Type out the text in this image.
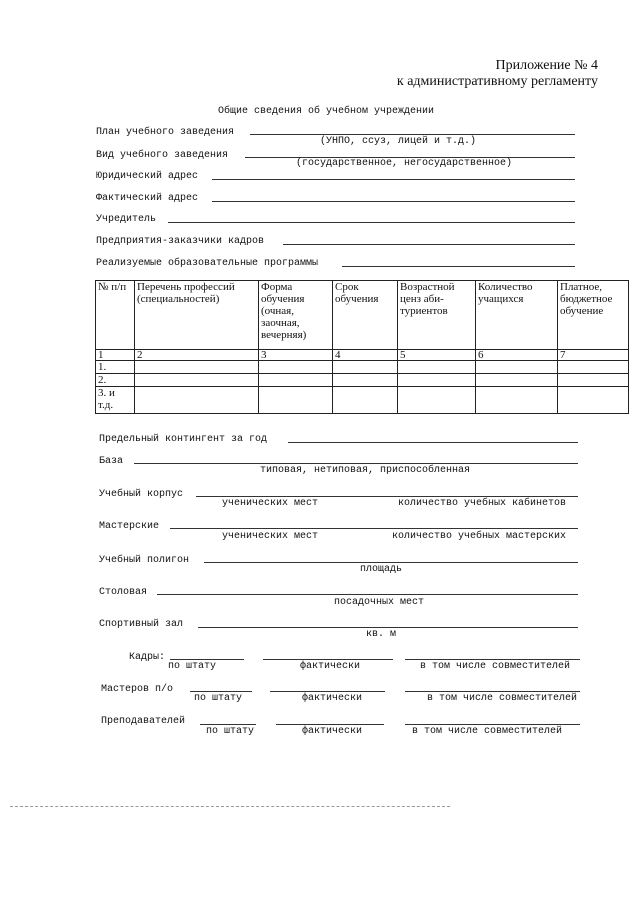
Приложение № 4
к административному регламенту
Общие сведения об учебном учреждении
План учебного заведения
(УНПО, ссуз, лицей и т.д.)
Вид учебного заведения
(государственное, негосударственное)
Юридический адрес
Фактический адрес
Учредитель
Предприятия-заказчики кадров
Реализуемые образовательные программы
№ п/п	Перечень профессий (специальностей)	Форма обучения (очная, заочная, вечерняя)	Срок обучения	Возрастной ценз аби-туриентов	Количество учащихся	Платное, бюджетное обучение
1	2	3	4	5	6	7
1.						
2.						
3. и т.д.						
Предельный контингент за год
База
типовая, нетиповая, приспособленная
Учебный корпус
ученических мест	количество учебных кабинетов
Мастерские
ученических мест	количество учебных мастерских
Учебный полигон
площадь
Столовая
посадочных мест
Спортивный зал
кв. м
Кадры:
по штату	фактически	в том числе совместителей
Мастеров п/о
по штату	фактически	в том числе совместителей
Преподавателей
по штату	фактически	в том числе совместителей
